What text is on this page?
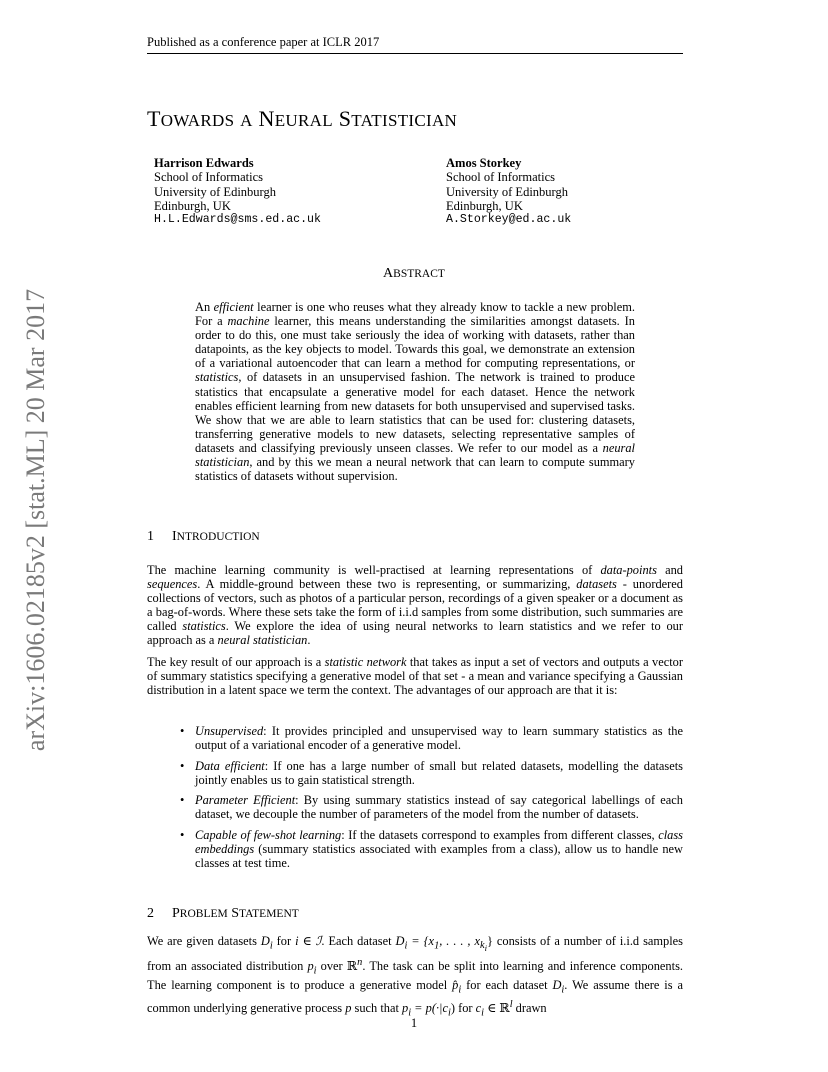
Published as a conference paper at ICLR 2017
TOWARDS A NEURAL STATISTICIAN
Harrison Edwards
School of Informatics
University of Edinburgh
Edinburgh, UK
H.L.Edwards@sms.ed.ac.uk
Amos Storkey
School of Informatics
University of Edinburgh
Edinburgh, UK
A.Storkey@ed.ac.uk
ABSTRACT
An efficient learner is one who reuses what they already know to tackle a new problem. For a machine learner, this means understanding the similarities amongst datasets. In order to do this, one must take seriously the idea of working with datasets, rather than datapoints, as the key objects to model. Towards this goal, we demonstrate an extension of a variational autoencoder that can learn a method for computing representations, or statistics, of datasets in an unsupervised fashion. The network is trained to produce statistics that encapsulate a generative model for each dataset. Hence the network enables efficient learning from new datasets for both unsupervised and supervised tasks. We show that we are able to learn statistics that can be used for: clustering datasets, transferring generative models to new datasets, selecting representative samples of datasets and classifying previously unseen classes. We refer to our model as a neural statistician, and by this we mean a neural network that can learn to compute summary statistics of datasets without supervision.
1 INTRODUCTION
The machine learning community is well-practised at learning representations of data-points and sequences. A middle-ground between these two is representing, or summarizing, datasets - unordered collections of vectors, such as photos of a particular person, recordings of a given speaker or a document as a bag-of-words. Where these sets take the form of i.i.d samples from some distribution, such summaries are called statistics. We explore the idea of using neural networks to learn statistics and we refer to our approach as a neural statistician.
The key result of our approach is a statistic network that takes as input a set of vectors and outputs a vector of summary statistics specifying a generative model of that set - a mean and variance specifying a Gaussian distribution in a latent space we term the context. The advantages of our approach are that it is:
• Unsupervised: It provides principled and unsupervised way to learn summary statistics as the output of a variational encoder of a generative model.
• Data efficient: If one has a large number of small but related datasets, modelling the datasets jointly enables us to gain statistical strength.
• Parameter Efficient: By using summary statistics instead of say categorical labellings of each dataset, we decouple the number of parameters of the model from the number of datasets.
• Capable of few-shot learning: If the datasets correspond to examples from different classes, class embeddings (summary statistics associated with examples from a class), allow us to handle new classes at test time.
2 PROBLEM STATEMENT
We are given datasets $D_i$ for i ∈ ℐ. Each dataset $D_i = \{x_1$, . . . , $x_{k_i}$} consists of a number of i.i.d samples from an associated distribution $p_i$ over ℝ$^n$. The task can be split into learning and inference components. The learning component is to produce a generative model $p̂_i$ for each dataset $D_i$. We assume there is a common underlying generative process p such that $p_i = p(\cdot|c_i)$ for $c_i$ ∈ ℝ$^l$ drawn
1
arXiv:1606.02185v2 [stat.ML] 20 Mar 2017
